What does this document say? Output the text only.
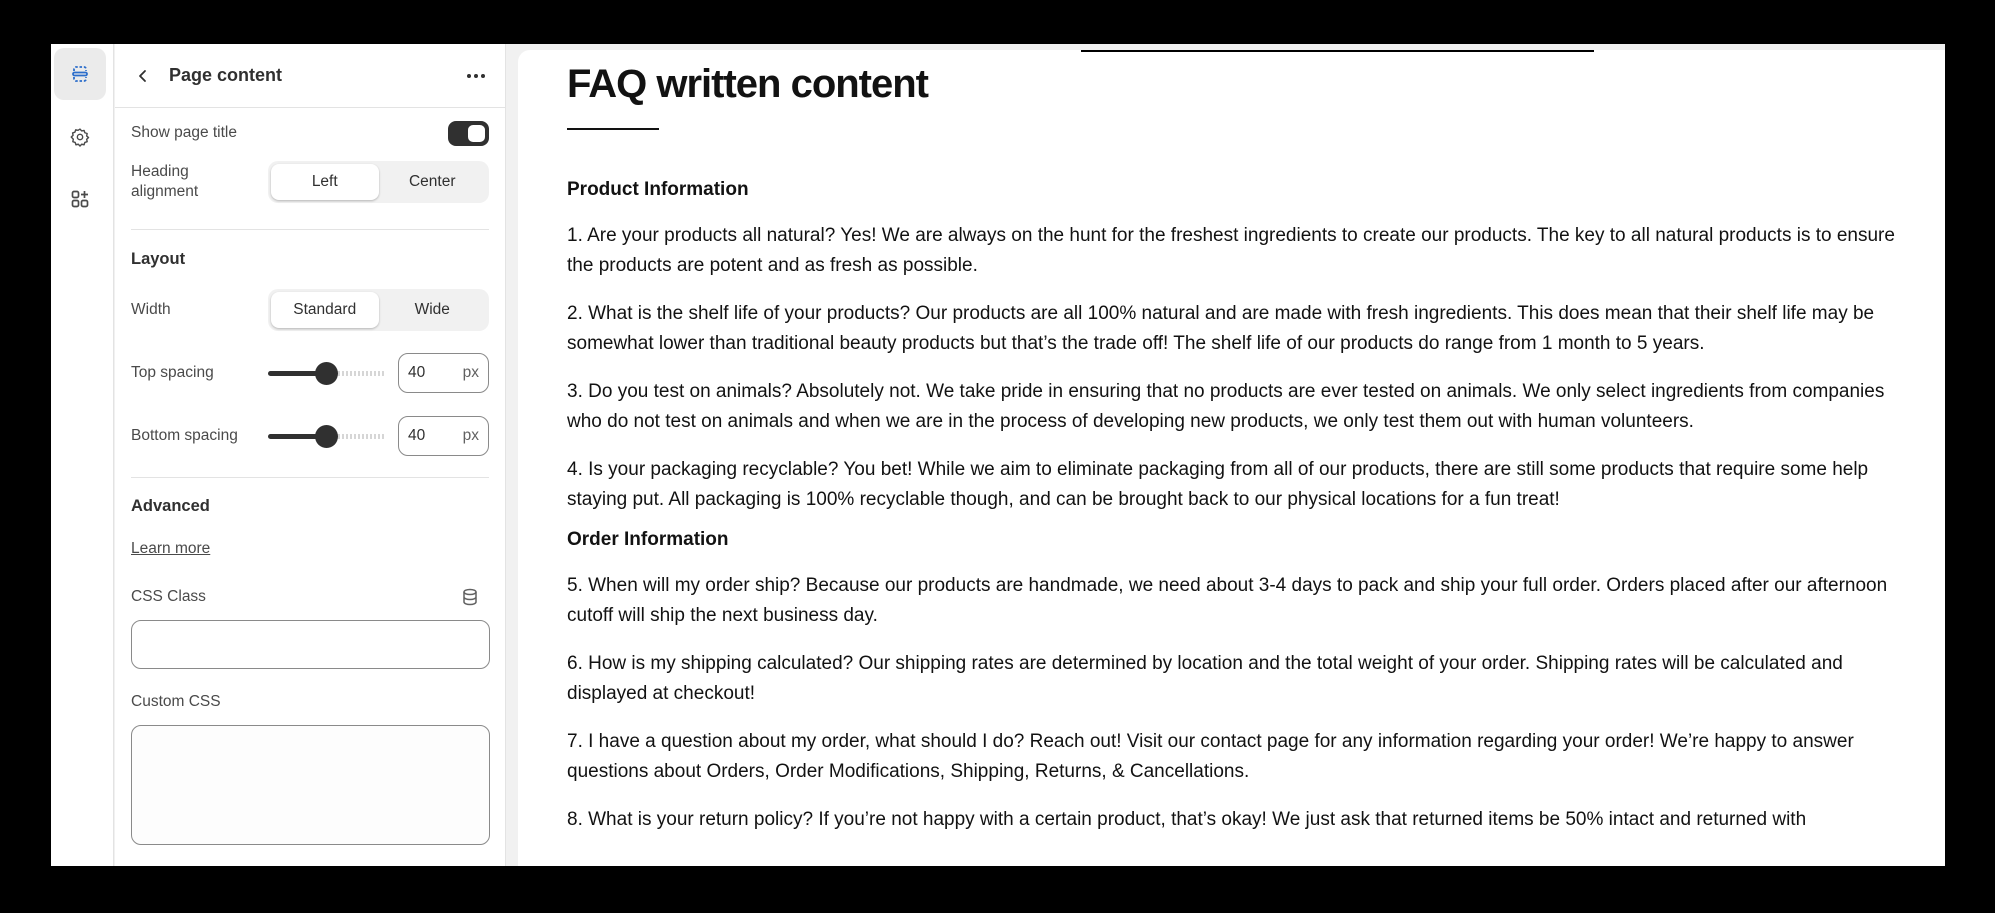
Page content
Show page title
Heading alignment
Left	Center
Layout
Width	Standard	Wide
Top spacing	40 px
Bottom spacing	40 px
Advanced
Learn more
CSS Class
Custom CSS
FAQ written content
Product Information

1. Are your products all natural? Yes! We are always on the hunt for the freshest ingredients to create our products. The key to all natural products is to ensure the products are potent and as fresh as possible.

2. What is the shelf life of your products? Our products are all 100% natural and are made with fresh ingredients. This does mean that their shelf life may be somewhat lower than traditional beauty products but that’s the trade off! The shelf life of our products do range from 1 month to 5 years.

3. Do you test on animals? Absolutely not. We take pride in ensuring that no products are ever tested on animals. We only select ingredients from companies who do not test on animals and when we are in the process of developing new products, we only test them out with human volunteers.

4. Is your packaging recyclable? You bet! While we aim to eliminate packaging from all of our products, there are still some products that require some help staying put. All packaging is 100% recyclable though, and can be brought back to our physical locations for a fun treat!

Order Information

5. When will my order ship? Because our products are handmade, we need about 3-4 days to pack and ship your full order. Orders placed after our afternoon cutoff will ship the next business day.

6. How is my shipping calculated? Our shipping rates are determined by location and the total weight of your order. Shipping rates will be calculated and displayed at checkout!

7. I have a question about my order, what should I do? Reach out! Visit our contact page for any information regarding your order! We’re happy to answer questions about Orders, Order Modifications, Shipping, Returns, & Cancellations.

8. What is your return policy? If you’re not happy with a certain product, that’s okay! We just ask that returned items be 50% intact and returned with
